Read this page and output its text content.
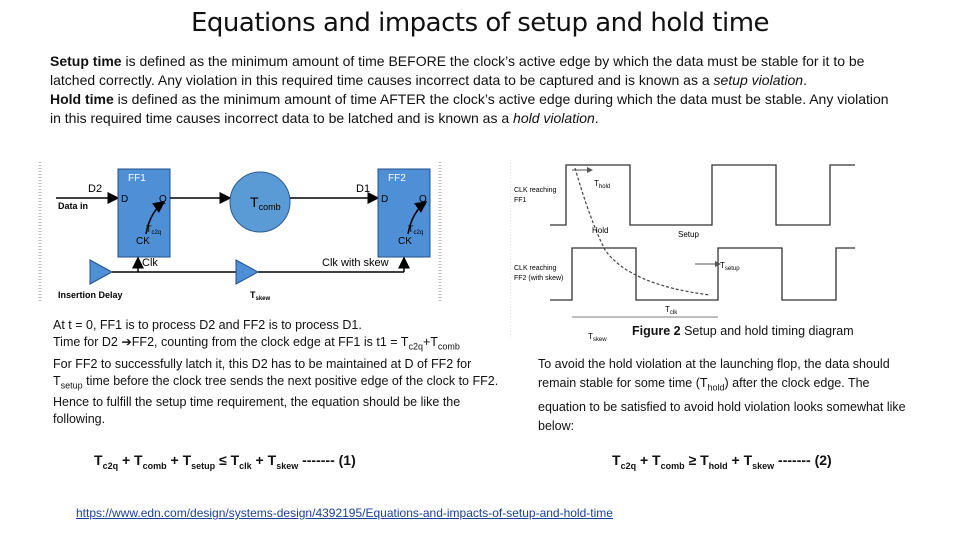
Equations and impacts of setup and hold time
Setup time is defined as the minimum amount of time BEFORE the clock’s active edge by which the data must be stable for it to be latched correctly. Any violation in this required time causes incorrect data to be captured and is known as a setup violation.
Hold time is defined as the minimum amount of time AFTER the clock’s active edge during which the data must be stable. Any violation in this required time causes incorrect data to be latched and is known as a hold violation.
Data in
D2
FF1
D	Q
CK
$T_{c2q}$
$T_{comb}$
D1
FF2
D	Q
CK
$T_{c2q}$
Clk	Clk with skew
Insertion Delay	$T_{skew}$
CLK reaching
FF1
CLK reaching
FF2 (with skew)
$T_{hold}$
Hold	Setup
$T_{setup}$
$T_{clk}$
$T_{skew}$
At t = 0, FF1 is to process D2 and FF2 is to process D1.
Time for D2 ➔FF2, counting from the clock edge at FF1 is $t1 = T_{c2q}+T_{comb}$
For FF2 to successfully latch it, this D2 has to be maintained at D of FF2 for $T_{setup}$ time before the clock tree sends the next positive edge of the clock to FF2. Hence to fulfill the setup time requirement, the equation should be like the following.
Figure 2 Setup and hold timing diagram
To avoid the hold violation at the launching flop, the data should remain stable for some time $(T_{hold})$ after the clock edge. The equation to be satisfied to avoid hold violation looks somewhat like below:
$T_{c2q} + T_{comb} + T_{setup} \le T_{clk} + T_{skew}$ ------- (1)	$T_{c2q} + T_{comb} \ge T_{hold} + T_{skew}$ ------- (2)
https://www.edn.com/design/systems-design/4392195/Equations-and-impacts-of-setup-and-hold-time
